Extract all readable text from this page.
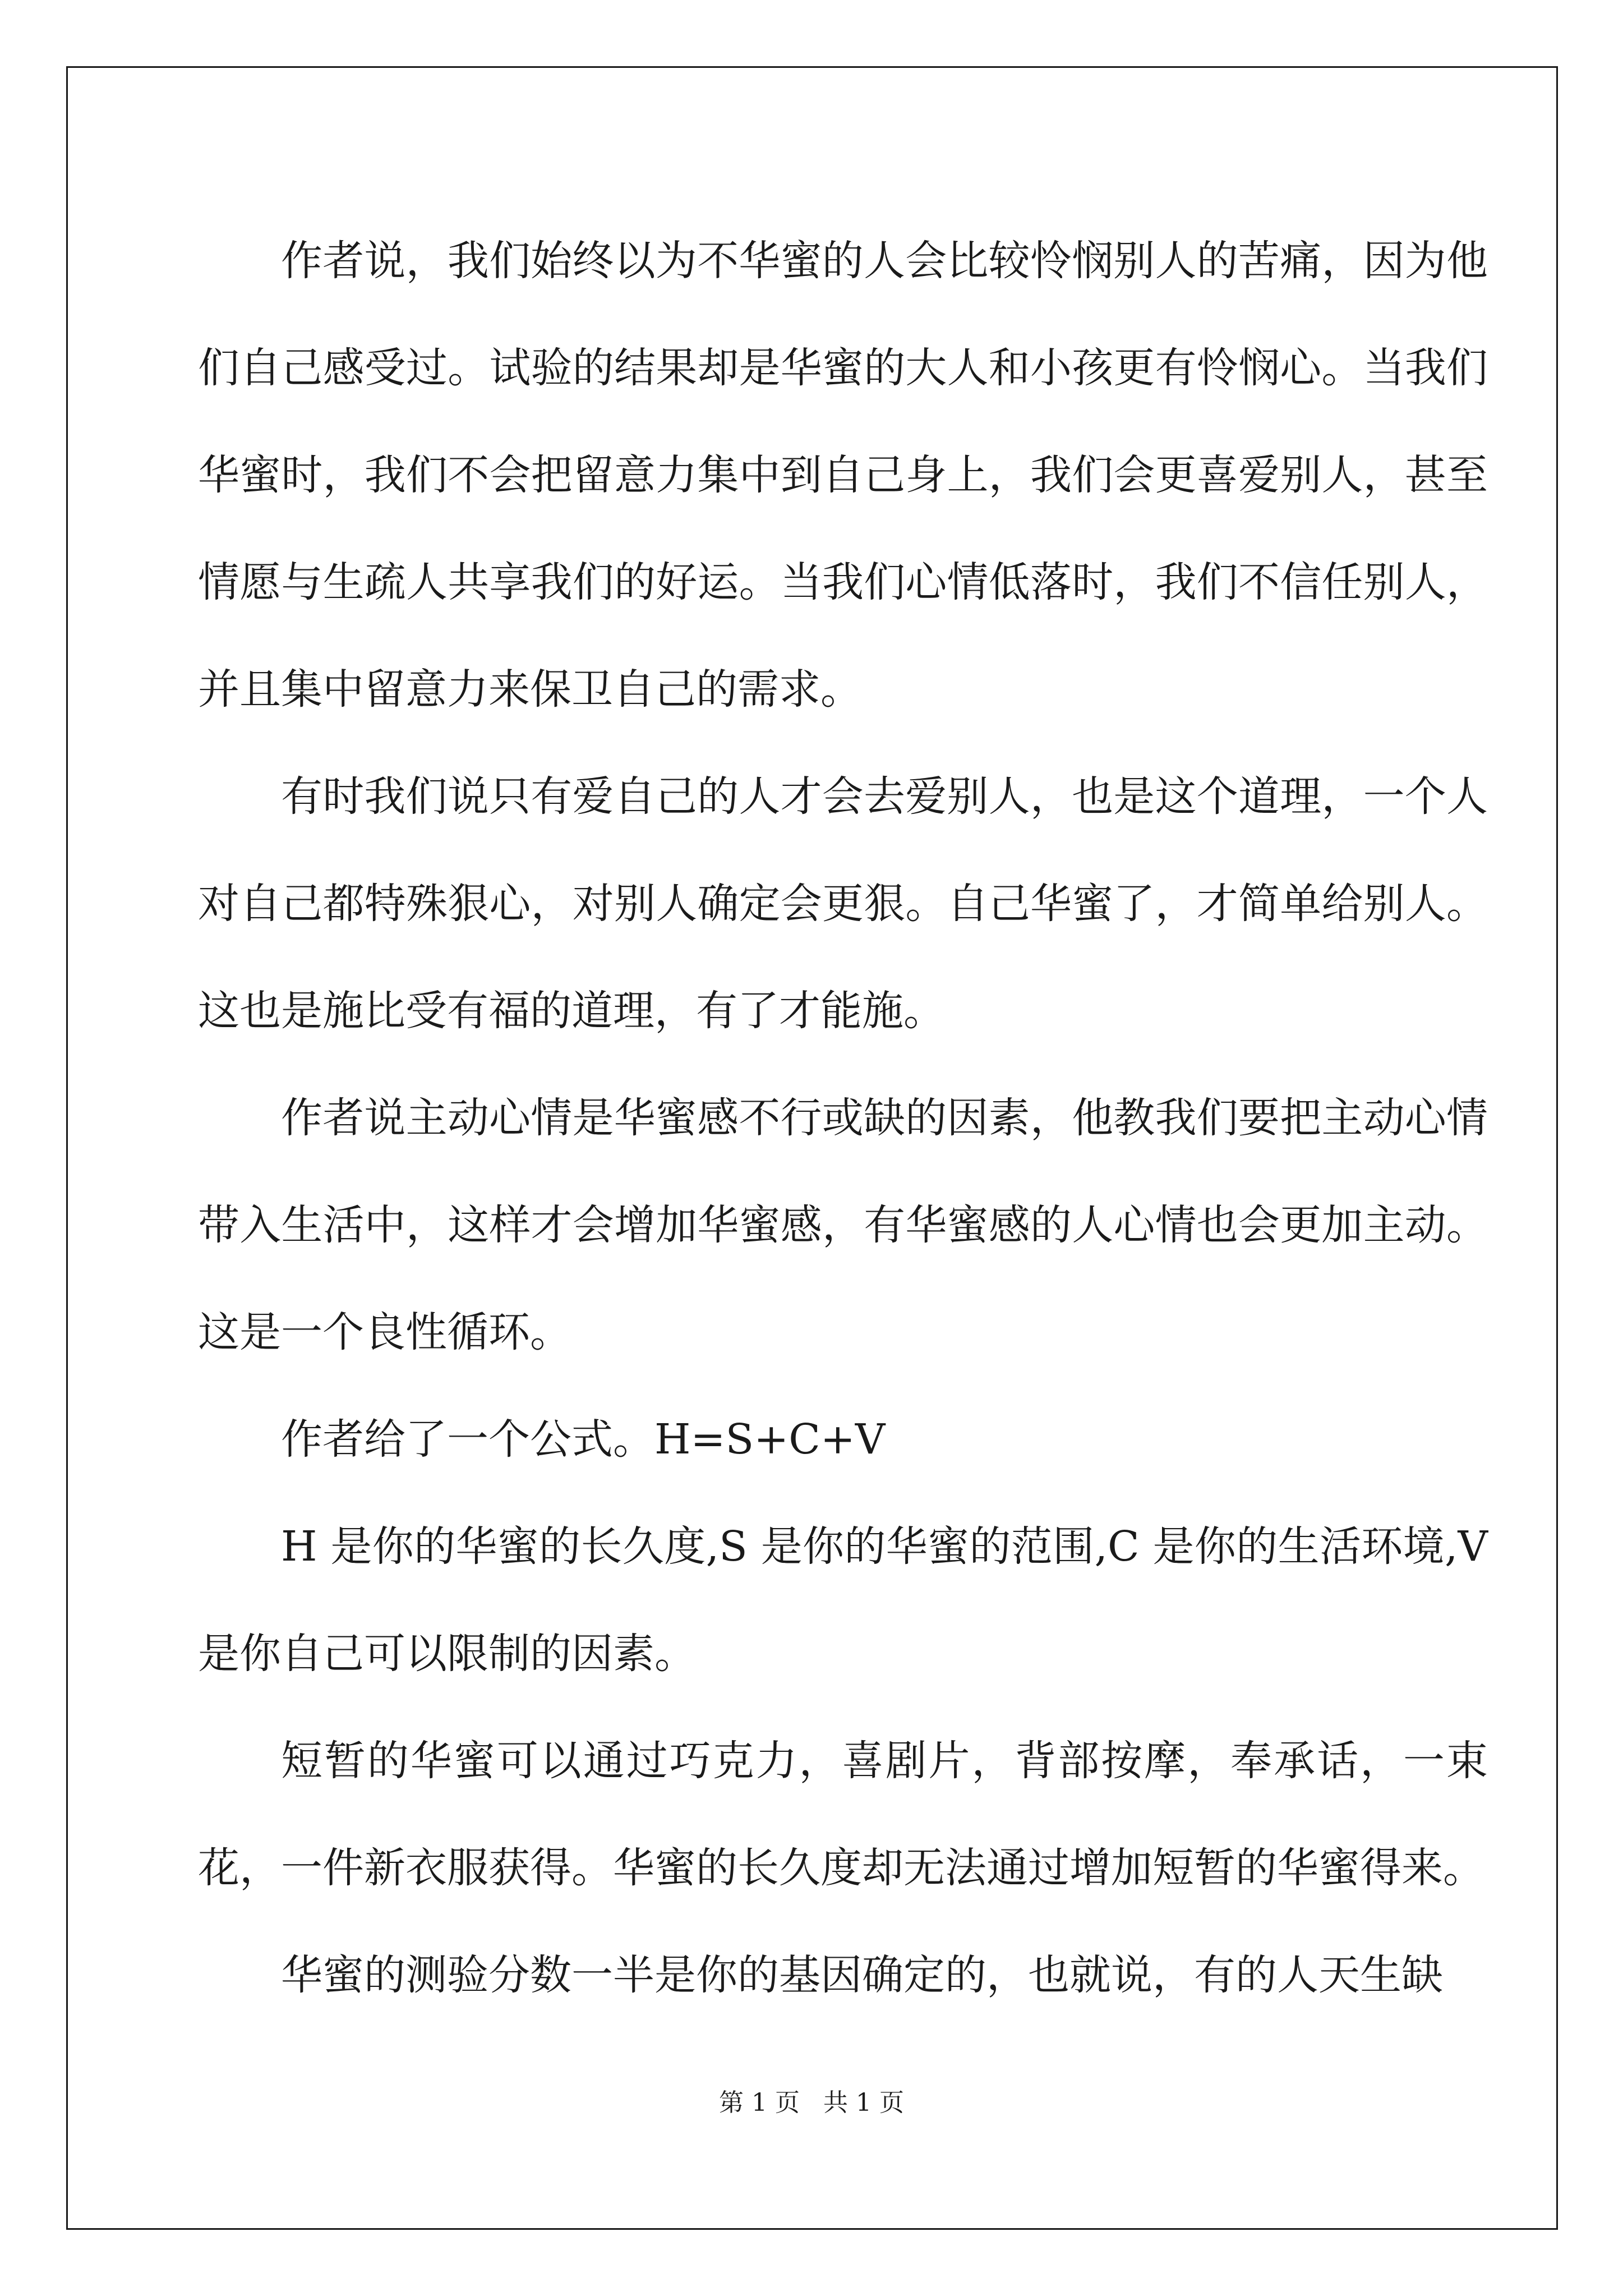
作者说，我们始终以为不华蜜的人会比较怜悯别人的苦痛，因为他们自己感受过。试验的结果却是华蜜的大人和小孩更有怜悯心。当我们华蜜时，我们不会把留意力集中到自己身上，我们会更喜爱别人，甚至情愿与生疏人共享我们的好运。当我们心情低落时，我们不信任别人，并且集中留意力来保卫自己的需求。

有时我们说只有爱自己的人才会去爱别人，也是这个道理，一个人对自己都特殊狠心，对别人确定会更狠。自己华蜜了，才简单给别人。这也是施比受有福的道理，有了才能施。

作者说主动心情是华蜜感不行或缺的因素，他教我们要把主动心情带入生活中，这样才会增加华蜜感，有华蜜感的人心情也会更加主动。这是一个良性循环。

作者给了一个公式。H=S+C+V

H 是你的华蜜的长久度,S 是你的华蜜的范围,C 是你的生活环境,V 是你自己可以限制的因素。

短暂的华蜜可以通过巧克力，喜剧片，背部按摩，奉承话，一束花，一件新衣服获得。华蜜的长久度却无法通过增加短暂的华蜜得来。

华蜜的测验分数一半是你的基因确定的，也就说，有的人天生缺

第 1 页 共 1 页
